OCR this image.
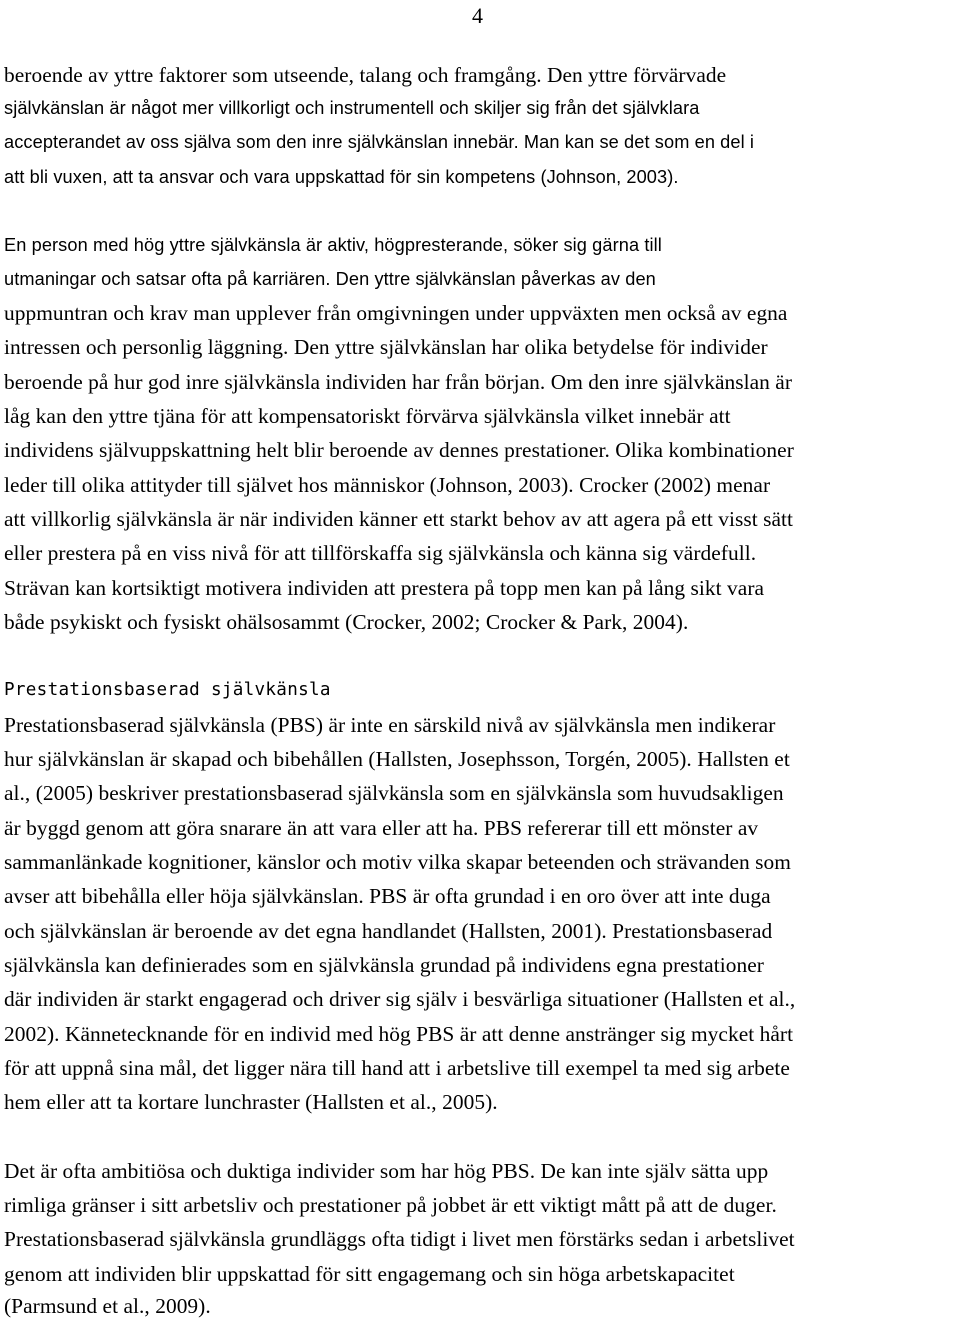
4
beroende av yttre faktorer som utseende, talang och framgång. Den yttre förvärvade
självkänslan är något mer villkorligt och instrumentell och skiljer sig från det självklara
accepterandet av oss själva som den inre självkänslan innebär. Man kan se det som en del i
att bli vuxen, att ta ansvar och vara uppskattad för sin kompetens (Johnson, 2003).
En person med hög yttre självkänsla är aktiv, högpresterande, söker sig gärna till
utmaningar och satsar ofta på karriären. Den yttre självkänslan påverkas av den
uppmuntran och krav man upplever från omgivningen under uppväxten men också av egna
intressen och personlig läggning. Den yttre självkänslan har olika betydelse för individer
beroende på hur god inre självkänsla individen har från början. Om den inre självkänslan är
låg kan den yttre tjäna för att kompensatoriskt förvärva självkänsla vilket innebär att
individens självuppskattning helt blir beroende av dennes prestationer. Olika kombinationer
leder till olika attityder till självet hos människor (Johnson, 2003). Crocker (2002) menar
att villkorlig självkänsla är när individen känner ett starkt behov av att agera på ett visst sätt
eller prestera på en viss nivå för att tillförskaffa sig självkänsla och känna sig värdefull.
Strävan kan kortsiktigt motivera individen att prestera på topp men kan på lång sikt vara
både psykiskt och fysiskt ohälsosammt (Crocker, 2002; Crocker & Park, 2004).
Prestationsbaserad självkänsla
Prestationsbaserad självkänsla (PBS) är inte en särskild nivå av självkänsla men indikerar
hur självkänslan är skapad och bibehållen (Hallsten, Josephsson, Torgén, 2005). Hallsten et
al., (2005) beskriver prestationsbaserad självkänsla som en självkänsla som huvudsakligen
är byggd genom att göra snarare än att vara eller att ha. PBS refererar till ett mönster av
sammanlänkade kognitioner, känslor och motiv vilka skapar beteenden och strävanden som
avser att bibehålla eller höja självkänslan. PBS är ofta grundad i en oro över att inte duga
och självkänslan är beroende av det egna handlandet (Hallsten, 2001). Prestationsbaserad
självkänsla kan definierades som en självkänsla grundad på individens egna prestationer
där individen är starkt engagerad och driver sig själv i besvärliga situationer (Hallsten et al.,
2002). Kännetecknande för en individ med hög PBS är att denne anstränger sig mycket hårt
för att uppnå sina mål, det ligger nära till hand att i arbetslive till exempel ta med sig arbete
hem eller att ta kortare lunchraster (Hallsten et al., 2005).
Det är ofta ambitiösa och duktiga individer som har hög PBS. De kan inte själv sätta upp
rimliga gränser i sitt arbetsliv och prestationer på jobbet är ett viktigt mått på att de duger.
Prestationsbaserad självkänsla grundläggs ofta tidigt i livet men förstärks sedan i arbetslivet
genom att individen blir uppskattad för sitt engagemang och sin höga arbetskapacitet
(Parmsund et al., 2009).
